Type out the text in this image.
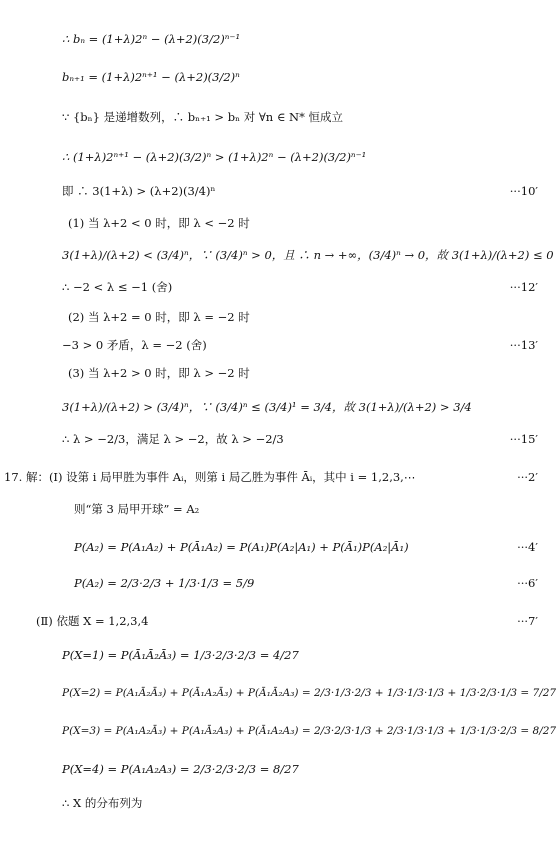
∴ bₙ = (1+λ)2ⁿ − (λ+2)(3/2)ⁿ⁻¹
bₙ₊₁ = (1+λ)2ⁿ⁺¹ − (λ+2)(3/2)ⁿ
∵ {bₙ} 是递增数列，∴ bₙ₊₁ > bₙ 对 ∀n ∈ N* 恒成立
∴ (1+λ)2ⁿ⁺¹ − (λ+2)(3/2)ⁿ > (1+λ)2ⁿ − (λ+2)(3/2)ⁿ⁻¹
即 ∴ 3(1+λ) > (λ+2)(3/4)ⁿ	···10′
(1) 当 λ+2 < 0 时，即 λ < −2 时
3(1+λ)/(λ+2) < (3/4)ⁿ，∵ (3/4)ⁿ > 0，且 ∴ n → +∞，(3/4)ⁿ → 0，故 3(1+λ)/(λ+2) ≤ 0
∴ −2 < λ ≤ −1 (舍)	···12′
(2) 当 λ+2 = 0 时，即 λ = −2 时
−3 > 0 矛盾，λ = −2 (舍)	···13′
(3) 当 λ+2 > 0 时，即 λ > −2 时
3(1+λ)/(λ+2) > (3/4)ⁿ，∵ (3/4)ⁿ ≤ (3/4)¹ = 3/4，故 3(1+λ)/(λ+2) > 3/4
∴ λ > −2/3，满足 λ > −2，故 λ > −2/3	···15′
17. 解：(Ⅰ) 设第 i 局甲胜为事件 Aᵢ，则第 i 局乙胜为事件 Āᵢ，其中 i = 1,2,3,⋯	···2′
则“第 3 局甲开球” = A₂
P(A₂) = P(A₁A₂) + P(Ā₁A₂) = P(A₁)P(A₂|A₁) + P(Ā₁)P(A₂|Ā₁)	···4′
P(A₂) = 2/3·2/3 + 1/3·1/3 = 5/9	···6′
(Ⅱ) 依题 X = 1,2,3,4	···7′
P(X=1) = P(Ā₁Ā₂Ā₃) = 1/3·2/3·2/3 = 4/27
P(X=2) = P(A₁Ā₂Ā₃) + P(Ā₁A₂Ā₃) + P(Ā₁Ā₂A₃) = 2/3·1/3·2/3 + 1/3·1/3·1/3 + 1/3·2/3·1/3 = 7/27
P(X=3) = P(A₁A₂Ā₃) + P(A₁Ā₂A₃) + P(Ā₁A₂A₃) = 2/3·2/3·1/3 + 2/3·1/3·1/3 + 1/3·1/3·2/3 = 8/27
P(X=4) = P(A₁A₂A₃) = 2/3·2/3·2/3 = 8/27
∴ X 的分布列为
